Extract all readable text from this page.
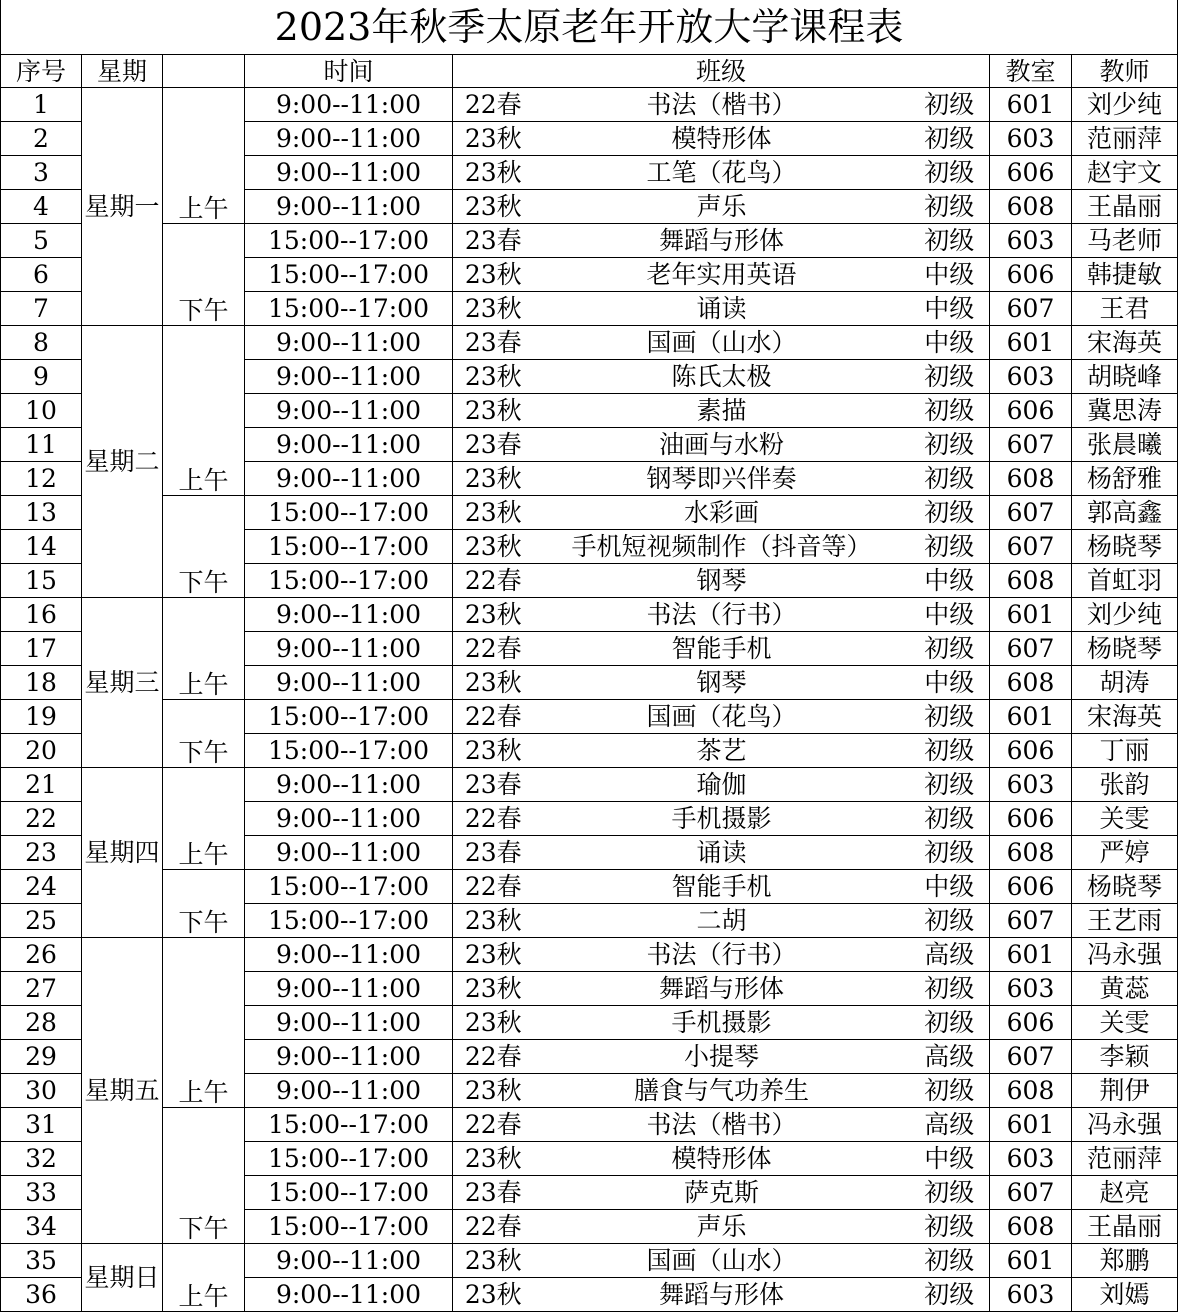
2023年秋季太原老年开放大学课程表								
序号	星期		时间	班级			教室	教师
1	星期一	上午	9:00--11:00	22春	书法（楷书）	初级	601	刘少纯
2			9:00--11:00	23秋	模特形体	初级	603	范丽萍
3			9:00--11:00	23秋	工笔（花鸟）	初级	606	赵宇文
4			9:00--11:00	23秋	声乐	初级	608	王晶丽
5		下午	15:00--17:00	23春	舞蹈与形体	初级	603	马老师
6			15:00--17:00	23秋	老年实用英语	中级	606	韩捷敏
7			15:00--17:00	23秋	诵读	中级	607	王君
8	星期二	上午	9:00--11:00	23春	国画（山水）	中级	601	宋海英
9			9:00--11:00	23秋	陈氏太极	初级	603	胡晓峰
10			9:00--11:00	23秋	素描	初级	606	冀思涛
11			9:00--11:00	23春	油画与水粉	初级	607	张晨曦
12			9:00--11:00	23秋	钢琴即兴伴奏	初级	608	杨舒雅
13		下午	15:00--17:00	23秋	水彩画	初级	607	郭高鑫
14			15:00--17:00	23秋	手机短视频制作（抖音等）	初级	607	杨晓琴
15			15:00--17:00	22春	钢琴	中级	608	首虹羽
16	星期三	上午	9:00--11:00	23秋	书法（行书）	中级	601	刘少纯
17			9:00--11:00	22春	智能手机	初级	607	杨晓琴
18			9:00--11:00	23秋	钢琴	中级	608	胡涛
19		下午	15:00--17:00	22春	国画（花鸟）	初级	601	宋海英
20			15:00--17:00	23秋	茶艺	初级	606	丁丽
21	星期四	上午	9:00--11:00	23春	瑜伽	初级	603	张韵
22			9:00--11:00	22春	手机摄影	初级	606	关雯
23			9:00--11:00	23春	诵读	初级	608	严婷
24		下午	15:00--17:00	22春	智能手机	中级	606	杨晓琴
25			15:00--17:00	23秋	二胡	初级	607	王艺雨
26	星期五	上午	9:00--11:00	23秋	书法（行书）	高级	601	冯永强
27			9:00--11:00	23秋	舞蹈与形体	初级	603	黄蕊
28			9:00--11:00	23秋	手机摄影	初级	606	关雯
29			9:00--11:00	22春	小提琴	高级	607	李颖
30			9:00--11:00	23秋	膳食与气功养生	初级	608	荆伊
31		下午	15:00--17:00	22春	书法（楷书）	高级	601	冯永强
32			15:00--17:00	23秋	模特形体	中级	603	范丽萍
33			15:00--17:00	23春	萨克斯	初级	607	赵亮
34			15:00--17:00	22春	声乐	初级	608	王晶丽
35	星期日	上午	9:00--11:00	23秋	国画（山水）	初级	601	郑鹏
36			9:00--11:00	23秋	舞蹈与形体	初级	603	刘嫣
